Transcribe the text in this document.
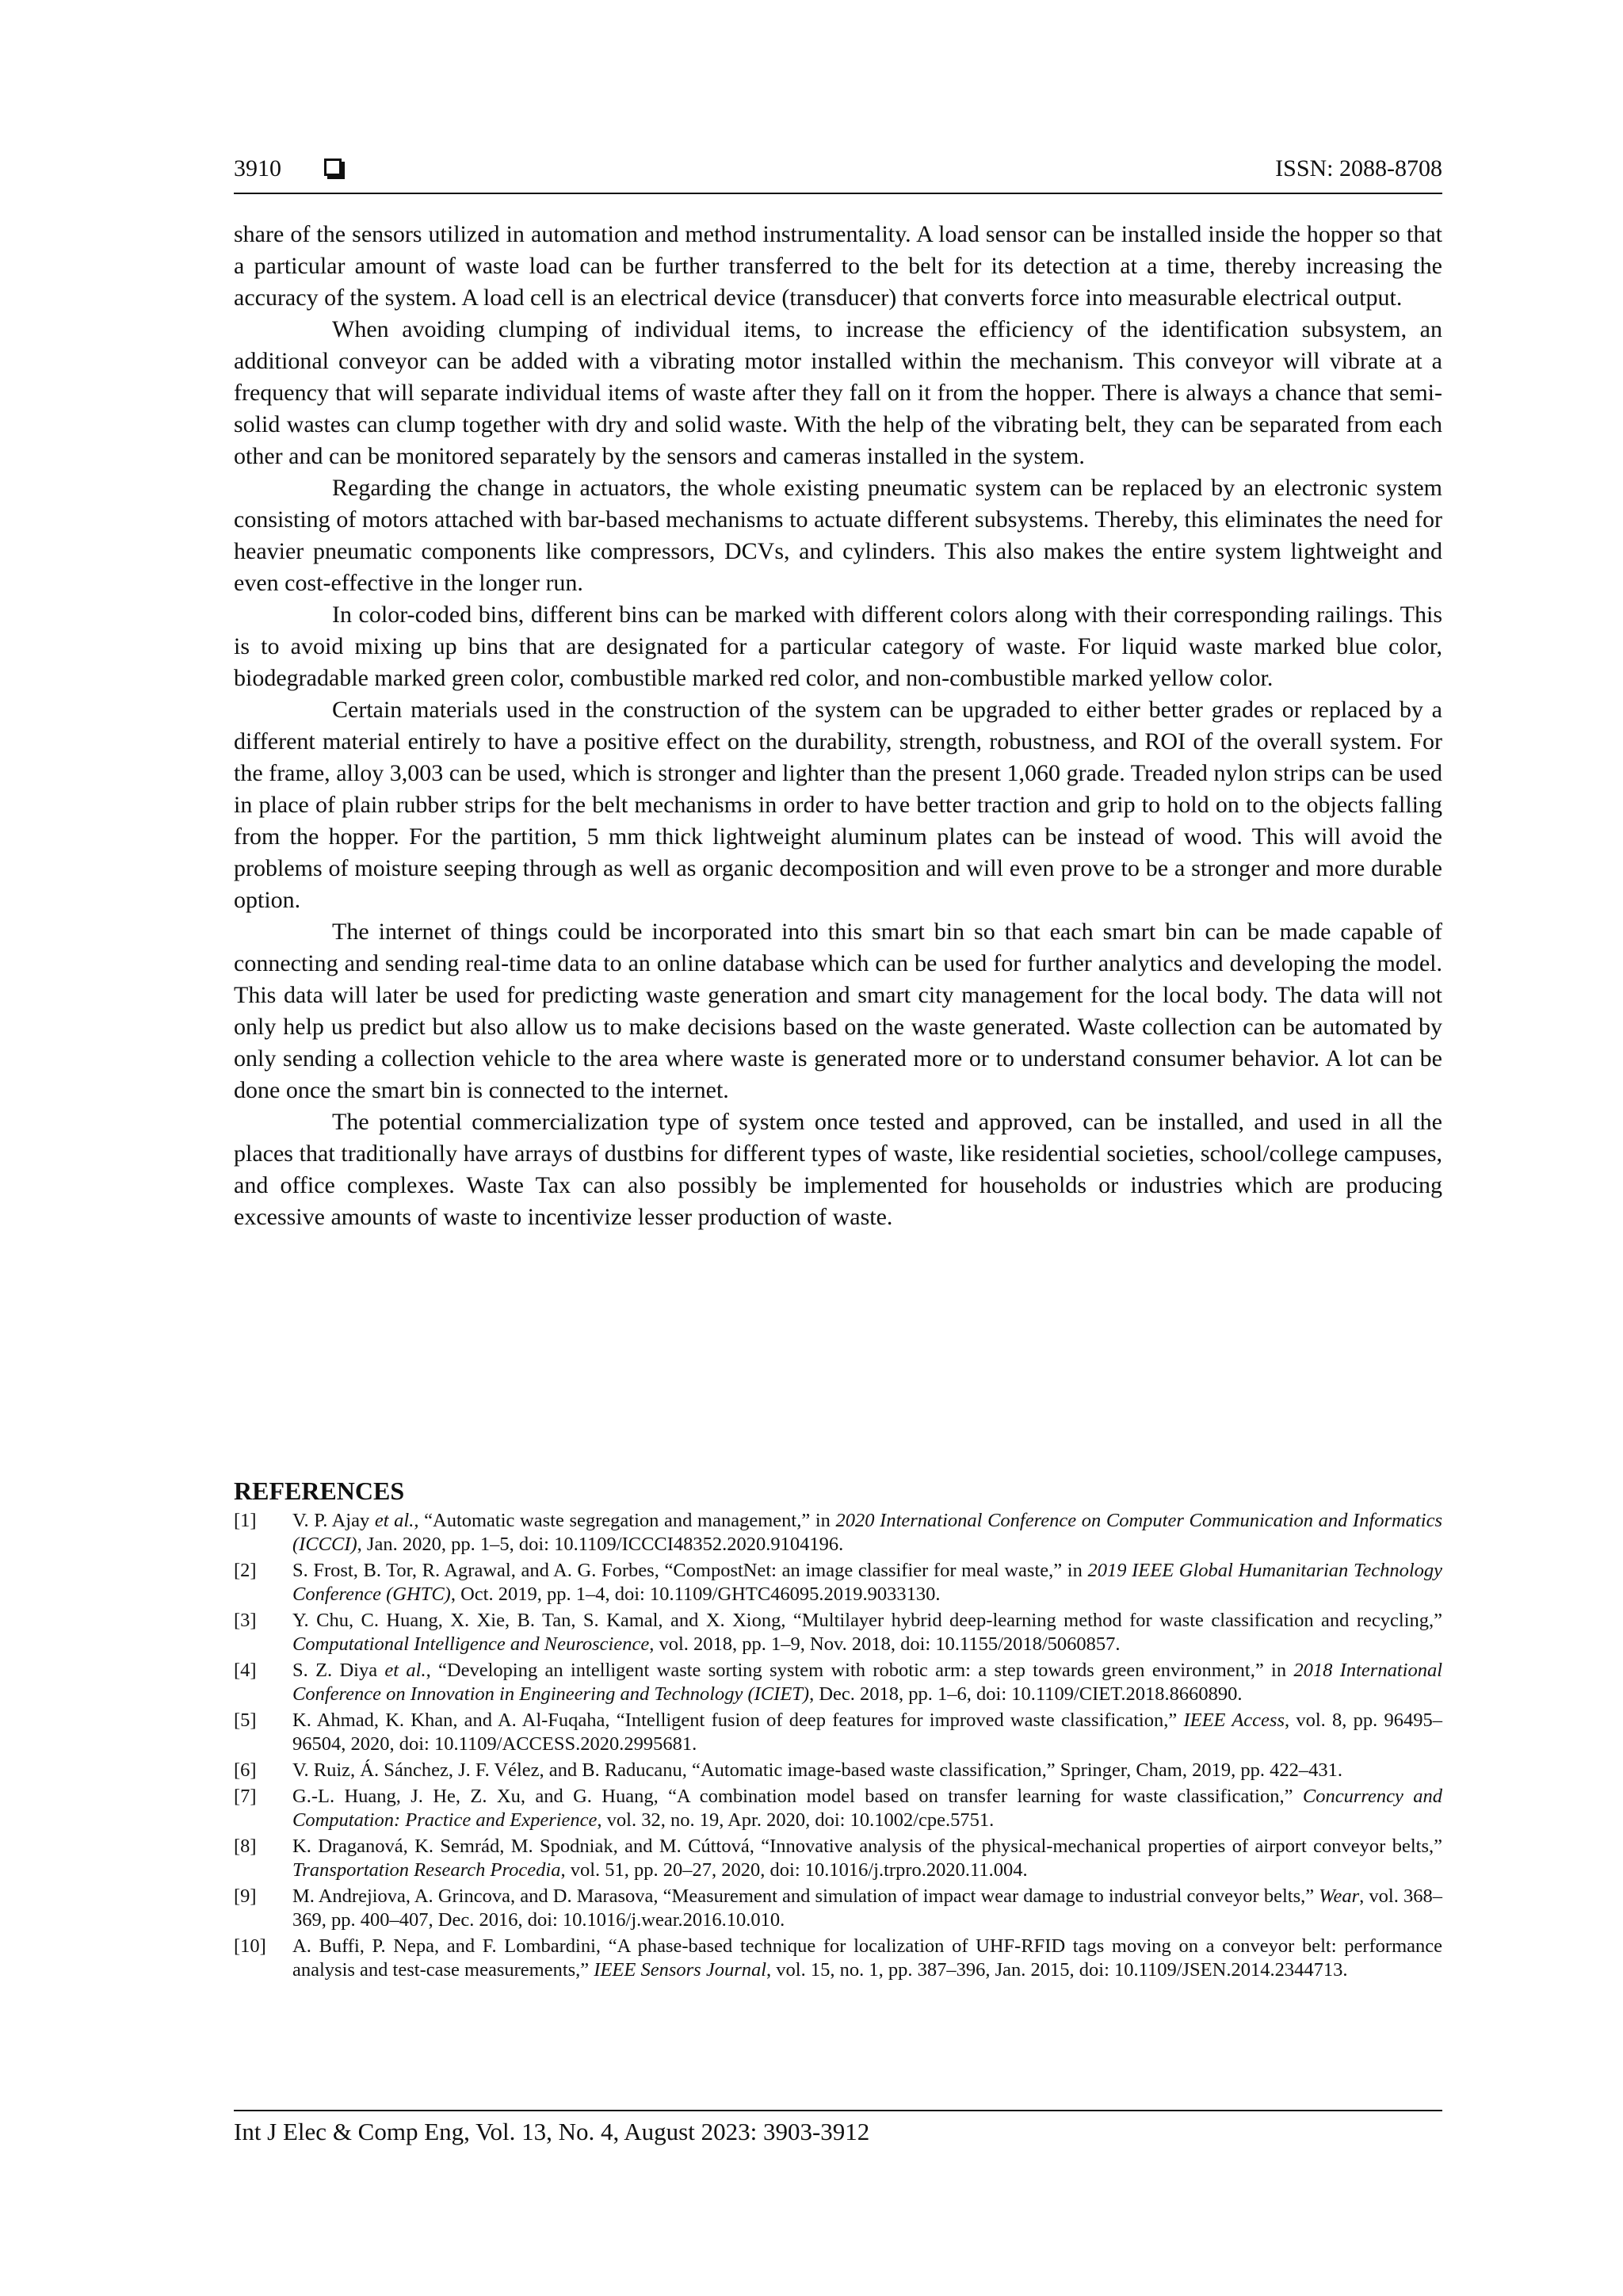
3910	ISSN: 2088-8708

share of the sensors utilized in automation and method instrumentality. A load sensor can be installed inside the hopper so that a particular amount of waste load can be further transferred to the belt for its detection at a time, thereby increasing the accuracy of the system. A load cell is an electrical device (transducer) that converts force into measurable electrical output.

When avoiding clumping of individual items, to increase the efficiency of the identification subsystem, an additional conveyor can be added with a vibrating motor installed within the mechanism. This conveyor will vibrate at a frequency that will separate individual items of waste after they fall on it from the hopper. There is always a chance that semi-solid wastes can clump together with dry and solid waste. With the help of the vibrating belt, they can be separated from each other and can be monitored separately by the sensors and cameras installed in the system.

Regarding the change in actuators, the whole existing pneumatic system can be replaced by an electronic system consisting of motors attached with bar-based mechanisms to actuate different subsystems. Thereby, this eliminates the need for heavier pneumatic components like compressors, DCVs, and cylinders. This also makes the entire system lightweight and even cost-effective in the longer run.

In color-coded bins, different bins can be marked with different colors along with their corresponding railings. This is to avoid mixing up bins that are designated for a particular category of waste. For liquid waste marked blue color, biodegradable marked green color, combustible marked red color, and non-combustible marked yellow color.

Certain materials used in the construction of the system can be upgraded to either better grades or replaced by a different material entirely to have a positive effect on the durability, strength, robustness, and ROI of the overall system. For the frame, alloy 3,003 can be used, which is stronger and lighter than the present 1,060 grade. Treaded nylon strips can be used in place of plain rubber strips for the belt mechanisms in order to have better traction and grip to hold on to the objects falling from the hopper. For the partition, 5 mm thick lightweight aluminum plates can be instead of wood. This will avoid the problems of moisture seeping through as well as organic decomposition and will even prove to be a stronger and more durable option.

The internet of things could be incorporated into this smart bin so that each smart bin can be made capable of connecting and sending real-time data to an online database which can be used for further analytics and developing the model. This data will later be used for predicting waste generation and smart city management for the local body. The data will not only help us predict but also allow us to make decisions based on the waste generated. Waste collection can be automated by only sending a collection vehicle to the area where waste is generated more or to understand consumer behavior. A lot can be done once the smart bin is connected to the internet.

The potential commercialization type of system once tested and approved, can be installed, and used in all the places that traditionally have arrays of dustbins for different types of waste, like residential societies, school/college campuses, and office complexes. Waste Tax can also possibly be implemented for households or industries which are producing excessive amounts of waste to incentivize lesser production of waste.

REFERENCES
[1] V. P. Ajay et al., “Automatic waste segregation and management,” in 2020 International Conference on Computer Communication and Informatics (ICCCI), Jan. 2020, pp. 1–5, doi: 10.1109/ICCCI48352.2020.9104196.
[2] S. Frost, B. Tor, R. Agrawal, and A. G. Forbes, “CompostNet: an image classifier for meal waste,” in 2019 IEEE Global Humanitarian Technology Conference (GHTC), Oct. 2019, pp. 1–4, doi: 10.1109/GHTC46095.2019.9033130.
[3] Y. Chu, C. Huang, X. Xie, B. Tan, S. Kamal, and X. Xiong, “Multilayer hybrid deep-learning method for waste classification and recycling,” Computational Intelligence and Neuroscience, vol. 2018, pp. 1–9, Nov. 2018, doi: 10.1155/2018/5060857.
[4] S. Z. Diya et al., “Developing an intelligent waste sorting system with robotic arm: a step towards green environment,” in 2018 International Conference on Innovation in Engineering and Technology (ICIET), Dec. 2018, pp. 1–6, doi: 10.1109/CIET.2018.8660890.
[5] K. Ahmad, K. Khan, and A. Al-Fuqaha, “Intelligent fusion of deep features for improved waste classification,” IEEE Access, vol. 8, pp. 96495–96504, 2020, doi: 10.1109/ACCESS.2020.2995681.
[6] V. Ruiz, Á. Sánchez, J. F. Vélez, and B. Raducanu, “Automatic image-based waste classification,” Springer, Cham, 2019, pp. 422–431.
[7] G.-L. Huang, J. He, Z. Xu, and G. Huang, “A combination model based on transfer learning for waste classification,” Concurrency and Computation: Practice and Experience, vol. 32, no. 19, Apr. 2020, doi: 10.1002/cpe.5751.
[8] K. Draganová, K. Semrád, M. Spodniak, and M. Cúttová, “Innovative analysis of the physical-mechanical properties of airport conveyor belts,” Transportation Research Procedia, vol. 51, pp. 20–27, 2020, doi: 10.1016/j.trpro.2020.11.004.
[9] M. Andrejiova, A. Grincova, and D. Marasova, “Measurement and simulation of impact wear damage to industrial conveyor belts,” Wear, vol. 368–369, pp. 400–407, Dec. 2016, doi: 10.1016/j.wear.2016.10.010.
[10] A. Buffi, P. Nepa, and F. Lombardini, “A phase-based technique for localization of UHF-RFID tags moving on a conveyor belt: performance analysis and test-case measurements,” IEEE Sensors Journal, vol. 15, no. 1, pp. 387–396, Jan. 2015, doi: 10.1109/JSEN.2014.2344713.
Int J Elec & Comp Eng, Vol. 13, No. 4, August 2023: 3903-3912
